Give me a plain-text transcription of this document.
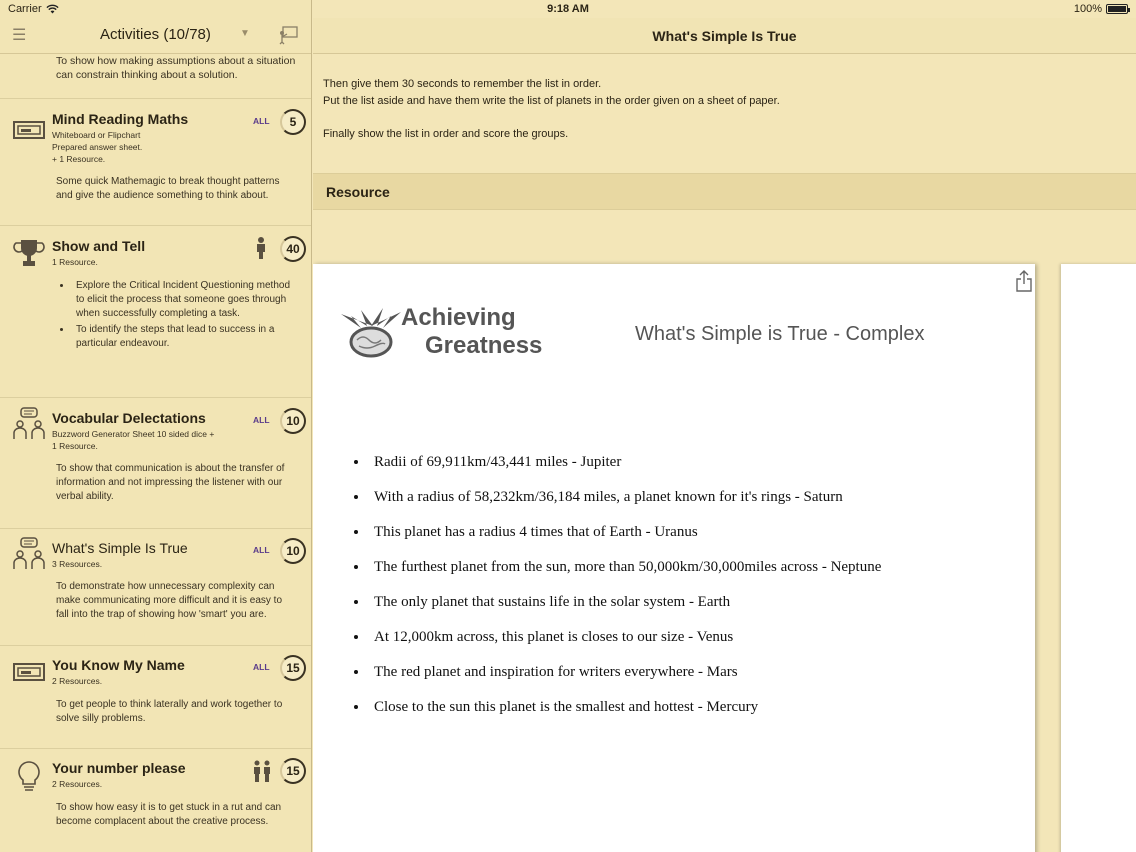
Carrier	9:18 AM	100%
☰	Activities (10/78)	▼
To show how making assumptions about a situation can constrain thinking about a solution.
Mind Reading Maths
Whiteboard or Flipchart
Prepared answer sheet.
+ 1 Resource.
Some quick Mathemagic to break thought patterns and give the audience something to think about.
ALL	5
Show and Tell
1 Resource.
• Explore the Critical Incident Questioning method to elicit the process that someone goes through when successfully completing a task.
• To identify the steps that lead to success in a particular endeavour.
40
Vocabular Delectations
Buzzword Generator Sheet 10 sided dice +
1 Resource.
To show that communication is about the transfer of information and not impressing the listener with our verbal ability.
ALL	10
What's Simple Is True
3 Resources.
To demonstrate how unnecessary complexity can make communicating more difficult and it is easy to fall into the trap of showing how 'smart' you are.
ALL	10
You Know My Name
2 Resources.
To get people to think laterally and work together to solve silly problems.
ALL	15
Your number please
2 Resources.
To show how easy it is to get stuck in a rut and can become complacent about the creative process.
15
What's Simple Is True

Then give them 30 seconds to remember the list in order.

Put the list aside and have them write the list of planets in the order given on a sheet of paper.

Finally show the list in order and score the groups.

Resource
Achieving
Greatness	What's Simple is True - Complex
• Radii of 69,911km/43,441 miles - Jupiter
• With a radius of 58,232km/36,184 miles, a planet known for it's rings - Saturn
• This planet has a radius 4 times that of Earth - Uranus
• The furthest planet from the sun, more than 50,000km/30,000miles across - Neptune
• The only planet that sustains life in the solar system - Earth
• At 12,000km across, this planet is closes to our size - Venus
• The red planet and inspiration for writers everywhere - Mars
• Close to the sun this planet is the smallest and hottest - Mercury
